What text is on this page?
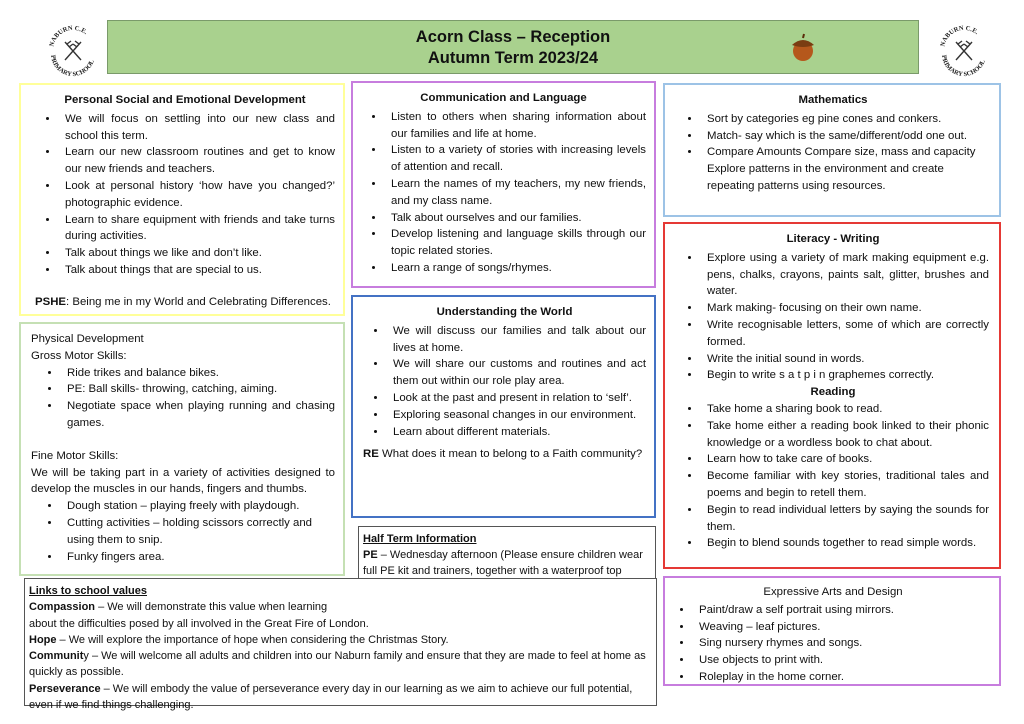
NABURN C.E.
PRIMARY SCHOOL
NABURN C.E.
PRIMARY SCHOOL
Acorn Class – Reception
Autumn Term 2023/24
Personal Social and Emotional Development
• We will focus on settling into our new class and school this term.
• Learn our new classroom routines and get to know our new friends and teachers.
• Look at personal history ‘how have you changed?’ photographic evidence.
• Learn to share equipment with friends and take turns during activities.
• Talk about things we like and don’t like.
• Talk about things that are special to us.
PSHE: Being me in my World and Celebrating Differences.
Communication and Language
• Listen to others when sharing information about our families and life at home.
• Listen to a variety of stories with increasing levels of attention and recall.
• Learn the names of my teachers, my new friends, and my class name.
• Talk about ourselves and our families.
• Develop listening and language skills through our topic related stories.
• Learn a range of songs/rhymes.
Mathematics
• Sort by categories eg pine cones and conkers.
• Match- say which is the same/different/odd one out.
• Compare Amounts Compare size, mass and capacity Explore patterns in the environment and create repeating patterns using resources.
Physical Development
Gross Motor Skills:
• Ride trikes and balance bikes.
• PE: Ball skills- throwing, catching, aiming.
• Negotiate space when playing running and chasing games.
Fine Motor Skills:
We will be taking part in a variety of activities designed to develop the muscles in our hands, fingers and thumbs.
• Dough station – playing freely with playdough.
• Cutting activities – holding scissors correctly and using them to snip.
• Funky fingers area.
Understanding the World
• We will discuss our families and talk about our lives at home.
• We will share our customs and routines and act them out within our role play area.
• Look at the past and present in relation to ‘self’.
• Exploring seasonal changes in our environment.
• Learn about different materials.
RE What does it mean to belong to a Faith community?
Literacy - Writing
• Explore using a variety of mark making equipment e.g. pens, chalks, crayons, paints salt, glitter, brushes and water.
• Mark making- focusing on their own name.
• Write recognisable letters, some of which are correctly formed.
• Write the initial sound in words.
• Begin to write s a t p i n graphemes correctly.
Reading
• Take home a sharing book to read.
• Take home either a reading book linked to their phonic knowledge or a wordless book to chat about.
• Learn how to take care of books.
• Become familiar with key stories, traditional tales and poems and begin to retell them.
• Begin to read individual letters by saying the sounds for them.
• Begin to blend sounds together to read simple words.
Half Term Information
PE – Wednesday afternoon (Please ensure children wear full PE kit and trainers, together with a waterproof top
Links to school values
Compassion – We will demonstrate this value when learning
about the difficulties posed by all involved in the Great Fire of London.
Hope – We will explore the importance of hope when considering the Christmas Story.
Community – We will welcome all adults and children into our Naburn family and ensure that they are made to feel at home as quickly as possible.
Perseverance – We will embody the value of perseverance every day in our learning as we aim to achieve our full potential, even if we find things challenging.
Expressive Arts and Design
• Paint/draw a self portrait using mirrors.
• Weaving – leaf pictures.
• Sing nursery rhymes and songs.
• Use objects to print with.
• Roleplay in the home corner.
